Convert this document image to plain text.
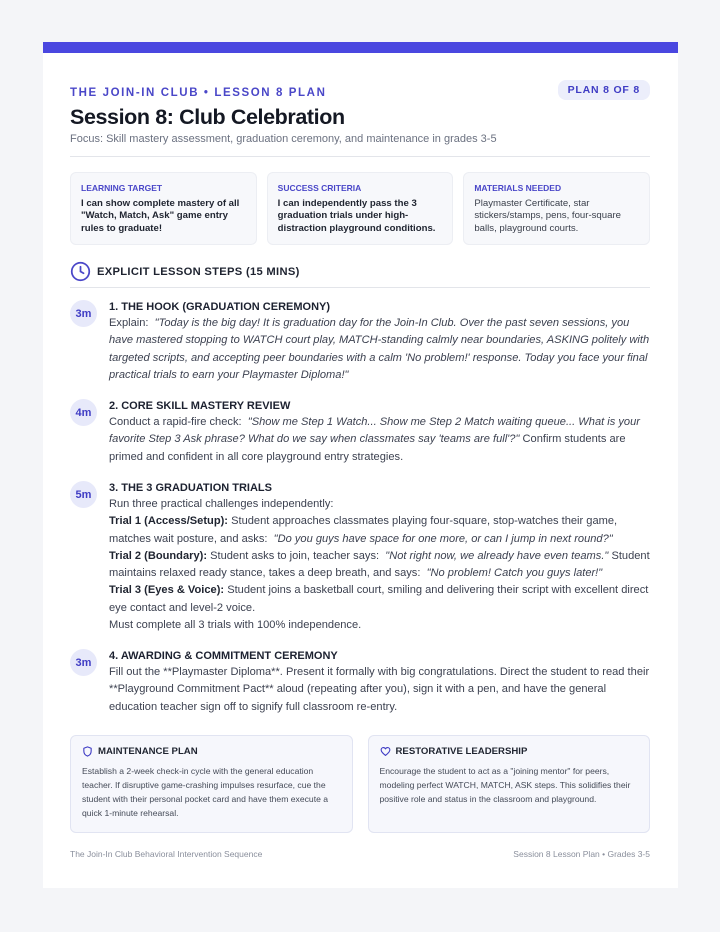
THE JOIN-IN CLUB • LESSON 8 PLAN	PLAN 8 OF 8
Session 8: Club Celebration
Focus: Skill mastery assessment, graduation ceremony, and maintenance in grades 3-5
LEARNING TARGET
I can show complete mastery of all "Watch, Match, Ask" game entry rules to graduate!
SUCCESS CRITERIA
I can independently pass the 3 graduation trials under high-distraction playground conditions.
MATERIALS NEEDED
Playmaster Certificate, star stickers/stamps, pens, four-square balls, playground courts.
EXPLICIT LESSON STEPS (15 MINS)
3m
1. THE HOOK (GRADUATION CEREMONY)
Explain: "Today is the big day! It is graduation day for the Join-In Club. Over the past seven sessions, you have mastered stopping to WATCH court play, MATCH-standing calmly near boundaries, ASKING politely with targeted scripts, and accepting peer boundaries with a calm 'No problem!' response. Today you face your final practical trials to earn your Playmaster Diploma!"
4m
2. CORE SKILL MASTERY REVIEW
Conduct a rapid-fire check: "Show me Step 1 Watch... Show me Step 2 Match waiting queue... What is your favorite Step 3 Ask phrase? What do we say when classmates say 'teams are full'?" Confirm students are primed and confident in all core playground entry strategies.
5m
3. THE 3 GRADUATION TRIALS
Run three practical challenges independently:
Trial 1 (Access/Setup): Student approaches classmates playing four-square, stop-watches their game, matches wait posture, and asks: "Do you guys have space for one more, or can I jump in next round?"
Trial 2 (Boundary): Student asks to join, teacher says: "Not right now, we already have even teams." Student maintains relaxed ready stance, takes a deep breath, and says: "No problem! Catch you guys later!"
Trial 3 (Eyes & Voice): Student joins a basketball court, smiling and delivering their script with excellent direct eye contact and level-2 voice.
Must complete all 3 trials with 100% independence.
3m
4. AWARDING & COMMITMENT CEREMONY
Fill out the **Playmaster Diploma**. Present it formally with big congratulations. Direct the student to read their **Playground Commitment Pact** aloud (repeating after you), sign it with a pen, and have the general education teacher sign off to signify full classroom re-entry.
MAINTENANCE PLAN
Establish a 2-week check-in cycle with the general education teacher. If disruptive game-crashing impulses resurface, cue the student with their personal pocket card and have them execute a quick 1-minute rehearsal.
RESTORATIVE LEADERSHIP
Encourage the student to act as a "joining mentor" for peers, modeling perfect WATCH, MATCH, ASK steps. This solidifies their positive role and status in the classroom and playground.
The Join-In Club Behavioral Intervention Sequence	Session 8 Lesson Plan • Grades 3-5
